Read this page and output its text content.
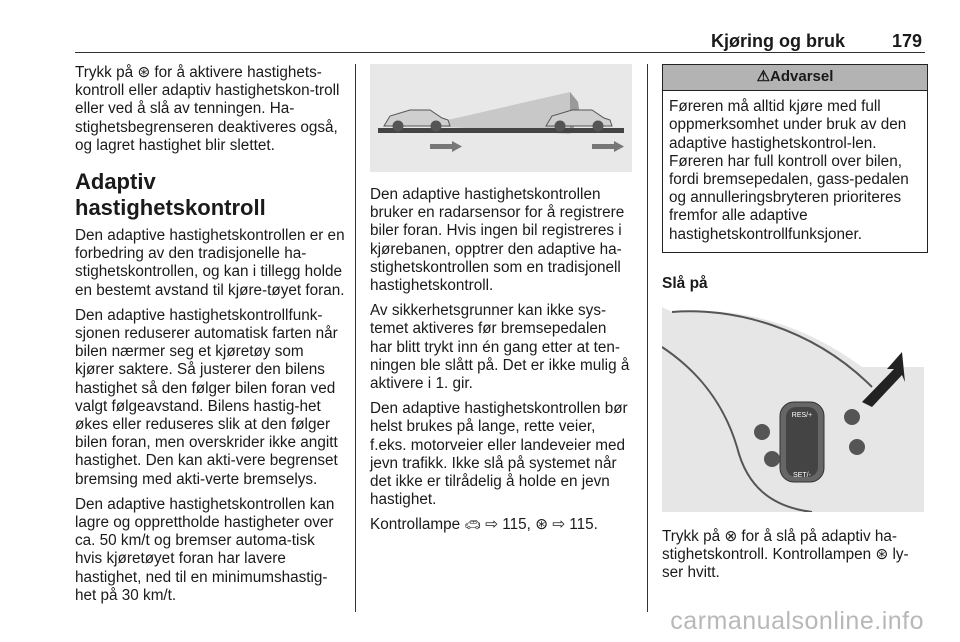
Kjøring og bruk	179

Trykk på ⊛ for å aktivere hastighets-kontroll eller adaptiv hastighetskon-troll eller ved å slå av tenningen. Ha-stighetsbegrenseren deaktiveres også, og lagret hastighet blir slettet.

Adaptiv hastighetskontroll

Den adaptive hastighetskontrollen er en forbedring av den tradisjonelle ha-stighetskontrollen, og kan i tillegg holde en bestemt avstand til kjøre-tøyet foran.

Den adaptive hastighetskontrollfunk-sjonen reduserer automatisk farten når bilen nærmer seg et kjøretøy som kjører saktere. Så justerer den bilens hastighet så den følger bilen foran ved valgt følgeavstand. Bilens hastig-het økes eller reduseres slik at den følger bilen foran, men overskrider ikke angitt hastighet. Den kan akti-vere begrenset bremsing med akti-verte bremselys.

Den adaptive hastighetskontrollen kan lagre og opprettholde hastigheter over ca. 50 km/t og bremser automa-tisk hvis kjøretøyet foran har lavere hastighet, ned til en minimumshastig-het på 30 km/t.

Den adaptive hastighetskontrollen bruker en radarsensor for å registrere biler foran. Hvis ingen bil registreres i kjørebanen, opptrer den adaptive ha-stighetskontrollen som en tradisjonell hastighetskontroll.

Av sikkerhetsgrunner kan ikke sys-temet aktiveres før bremsepedalen har blitt trykt inn én gang etter at ten-ningen ble slått på. Det er ikke mulig å aktivere i 1. gir.

Den adaptive hastighetskontrollen bør helst brukes på lange, rette veier, f.eks. motorveier eller landeveier med jevn trafikk. Ikke slå på systemet når det ikke er tilrådelig å holde en jevn hastighet.

Kontrollampe 🚗︎ ⇨ 115, ⊛ ⇨ 115.

⚠Advarsel
Føreren må alltid kjøre med full oppmerksomhet under bruk av den adaptive hastighetskontrol-len. Føreren har full kontroll over bilen, fordi bremsepedalen, gass-pedalen og annulleringsbryteren prioriteres fremfor alle adaptive hastighetskontrollfunksjoner.
Slå på
RES/+
SET/-

Trykk på ⊗ for å slå på adaptiv ha-stighetskontroll. Kontrollampen ⊛ ly-ser hvitt.

carmanualsonline.info
